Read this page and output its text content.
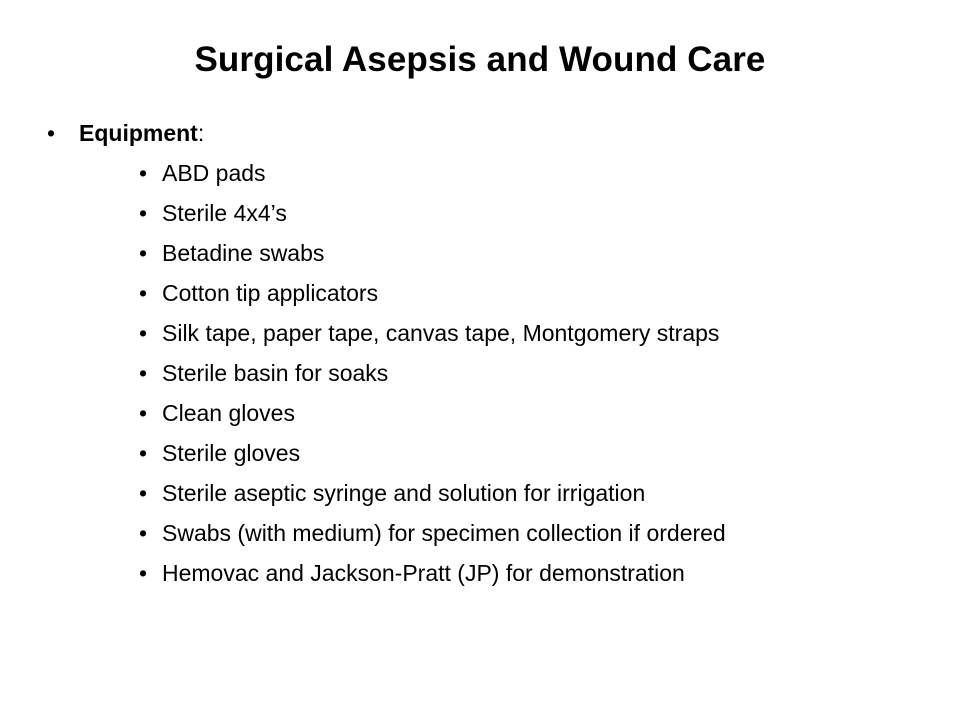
Surgical Asepsis and Wound Care
• Equipment:
• ABD pads
• Sterile 4x4’s
• Betadine swabs
• Cotton tip applicators
• Silk tape, paper tape, canvas tape, Montgomery straps
• Sterile basin for soaks
• Clean gloves
• Sterile gloves
• Sterile aseptic syringe and solution for irrigation
• Swabs (with medium) for specimen collection if ordered
• Hemovac and Jackson-Pratt (JP) for demonstration
